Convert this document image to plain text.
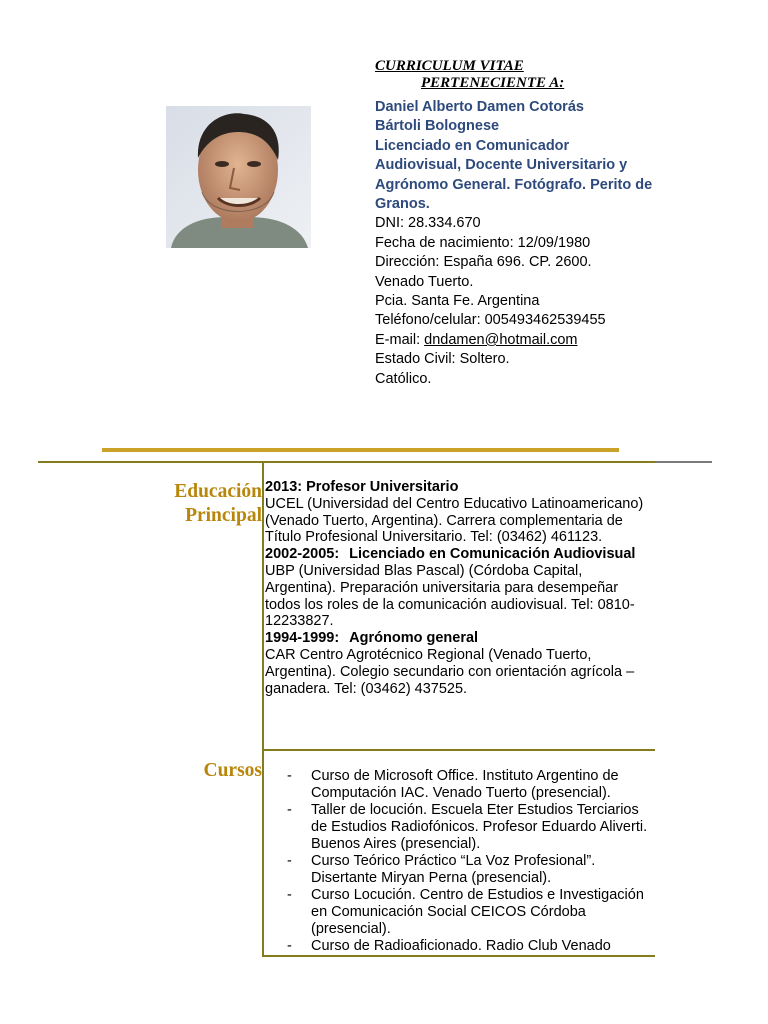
CURRICULUM VITAE
PERTENECIENTE A:
Daniel Alberto Damen Cotorás
Bártoli Bolognese
Licenciado en Comunicador
Audiovisual, Docente Universitario y
Agrónomo General. Fotógrafo. Perito de
Granos.
DNI: 28.334.670
Fecha de nacimiento: 12/09/1980
Dirección: España 696. CP. 2600.
Venado Tuerto.
Pcia. Santa Fe. Argentina
Teléfono/celular: 005493462539455
E-mail: dndamen@hotmail.com
Estado Civil: Soltero.
Católico.
Educación
Principal
2013: Profesor Universitario
UCEL (Universidad del Centro Educativo Latinoamericano) (Venado Tuerto, Argentina). Carrera complementaria de Título Profesional Universitario. Tel: (03462) 461123.
2002-2005: Licenciado en Comunicación Audiovisual
UBP (Universidad Blas Pascal) (Córdoba Capital, Argentina). Preparación universitaria para desempeñar todos los roles de la comunicación audiovisual. Tel: 0810-12233827.
1994-1999: Agrónomo general
CAR Centro Agrotécnico Regional (Venado Tuerto, Argentina). Colegio secundario con orientación agrícola – ganadera. Tel: (03462) 437525.
Cursos - Curso de Microsoft Office. Instituto Argentino de Computación IAC. Venado Tuerto (presencial).
- Taller de locución. Escuela Eter Estudios Terciarios de Estudios Radiofónicos. Profesor Eduardo Aliverti. Buenos Aires (presencial).
- Curso Teórico Práctico “La Voz Profesional”. Disertante Miryan Perna (presencial).
- Curso Locución. Centro de Estudios e Investigación en Comunicación Social CEICOS Córdoba (presencial).
- Curso de Radioaficionado. Radio Club Venado
